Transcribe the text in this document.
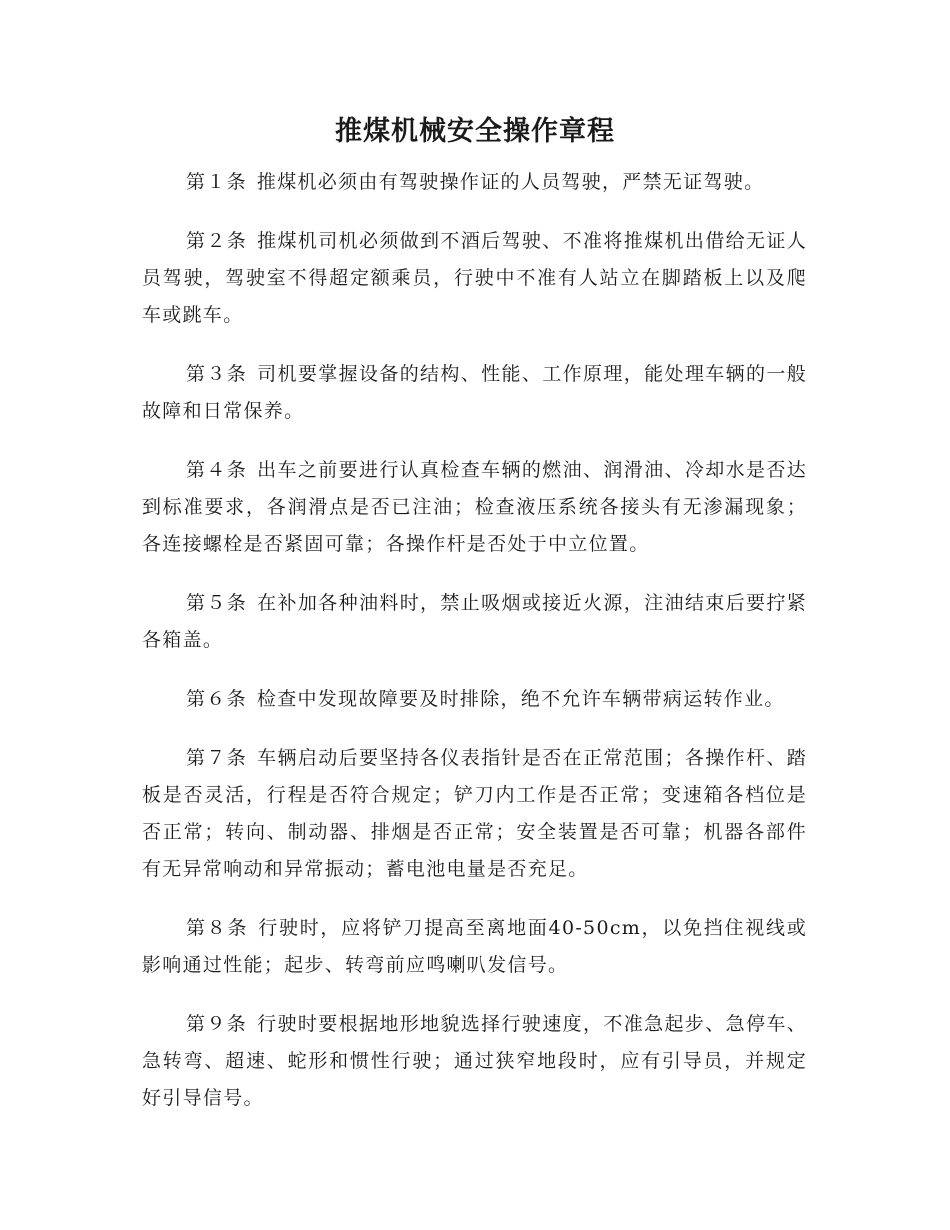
推煤机械安全操作章程

第１条 推煤机必须由有驾驶操作证的人员驾驶，严禁无证驾驶。

第２条 推煤机司机必须做到不酒后驾驶、不准将推煤机出借给无证人员驾驶，驾驶室不得超定额乘员，行驶中不准有人站立在脚踏板上以及爬车或跳车。

第３条 司机要掌握设备的结构、性能、工作原理，能处理车辆的一般故障和日常保养。

第４条 出车之前要进行认真检查车辆的燃油、润滑油、冷却水是否达到标准要求，各润滑点是否已注油；检查液压系统各接头有无渗漏现象；各连接螺栓是否紧固可靠；各操作杆是否处于中立位置。

第５条 在补加各种油料时，禁止吸烟或接近火源，注油结束后要拧紧各箱盖。

第６条 检查中发现故障要及时排除，绝不允许车辆带病运转作业。

第７条 车辆启动后要坚持各仪表指针是否在正常范围；各操作杆、踏板是否灵活，行程是否符合规定；铲刀内工作是否正常；变速箱各档位是否正常；转向、制动器、排烟是否正常；安全装置是否可靠；机器各部件有无异常响动和异常振动；蓄电池电量是否充足。

第８条 行驶时，应将铲刀提高至离地面40-50cm，以免挡住视线或影响通过性能；起步、转弯前应鸣喇叭发信号。

第９条 行驶时要根据地形地貌选择行驶速度，不准急起步、急停车、急转弯、超速、蛇形和惯性行驶；通过狭窄地段时，应有引导员，并规定好引导信号。
